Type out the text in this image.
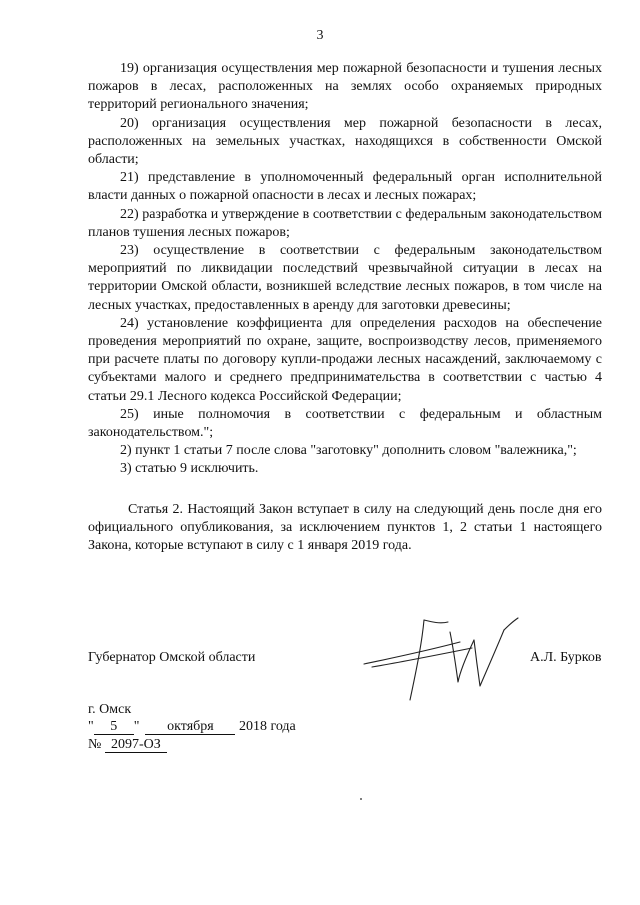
3

19) организация осуществления мер пожарной безопасности и тушения лесных пожаров в лесах, расположенных на землях особо охраняемых природных территорий регионального значения;

20) организация осуществления мер пожарной безопасности в лесах, расположенных на земельных участках, находящихся в собственности Омской области;

21) представление в уполномоченный федеральный орган исполнительной власти данных о пожарной опасности в лесах и лесных пожарах;

22) разработка и утверждение в соответствии с федеральным законодательством планов тушения лесных пожаров;

23) осуществление в соответствии с федеральным законодательством мероприятий по ликвидации последствий чрезвычайной ситуации в лесах на территории Омской области, возникшей вследствие лесных пожаров, в том числе на лесных участках, предоставленных в аренду для заготовки древесины;

24) установление коэффициента для определения расходов на обеспечение проведения мероприятий по охране, защите, воспроизводству лесов, применяемого при расчете платы по договору купли-продажи лесных насаждений, заключаемому с субъектами малого и среднего предпринимательства в соответствии с частью 4 статьи 29.1 Лесного кодекса Российской Федерации;

25) иные полномочия в соответствии с федеральным и областным законодательством.";

2) пункт 1 статьи 7 после слова "заготовку" дополнить словом "валежника,";

3) статью 9 исключить.

Статья 2. Настоящий Закон вступает в силу на следующий день после дня его официального опубликования, за исключением пунктов 1, 2 статьи 1 настоящего Закона, которые вступают в силу с 1 января 2019 года.

Губернатор Омской области	А.Л. Бурков
г. Омск
" 5 " октября 2018 года
№ 2097-ОЗ
